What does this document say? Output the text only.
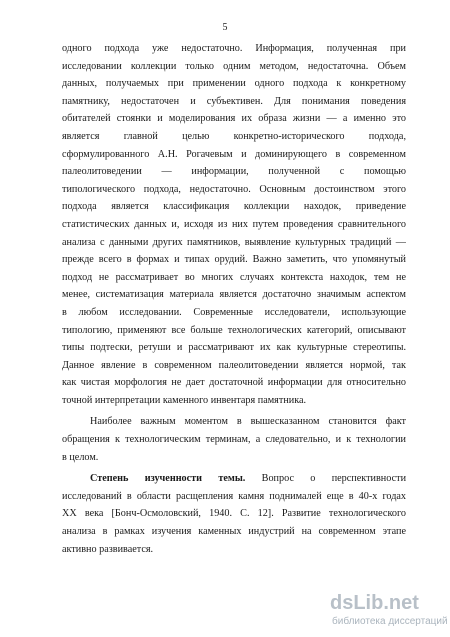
5
одного подхода уже недостаточно. Информация, полученная при
исследовании коллекции только одним методом, недостаточна. Объем
данных, получаемых при применении одного подхода к конкретному
памятнику, недостаточен и субъективен. Для понимания поведения
обитателей стоянки и моделирования их образа жизни — а именно это
является главной целью конкретно-исторического подхода,
сформулированного А.Н. Рогачевым и доминирующего в современном
палеолитоведении — информации, полученной с помощью
типологического подхода, недостаточно. Основным достоинством этого
подхода является классификация коллекции находок, приведение
статистических данных и, исходя из них путем проведения сравнительного
анализа с данными других памятников, выявление культурных традиций —
прежде всего в формах и типах орудий. Важно заметить, что упомянутый
подход не рассматривает во многих случаях контекста находок, тем не
менее, систематизация материала является достаточно значимым аспектом
в любом исследовании. Современные исследователи, использующие
типологию, применяют все больше технологических категорий, описывают
типы подтески, ретуши и рассматривают их как культурные стереотипы.
Данное явление в современном палеолитоведении является нормой, так
как чистая морфология не дает достаточной информации для относительно
точной интерпретации каменного инвентаря памятника.
Наиболее важным моментом в вышесказанном становится факт
обращения к технологическим терминам, а следовательно, и к технологии
в целом.
Степень изученности темы. Вопрос о перспективности
исследований в области расщепления камня поднималей еще в 40-х годах
XX века [Бонч-Осмоловский, 1940. С. 12]. Развитие технологического
анализа в рамках изучения каменных индустрий на современном этапе
активно развивается.
dsLib.net
библиотека диссертаций
